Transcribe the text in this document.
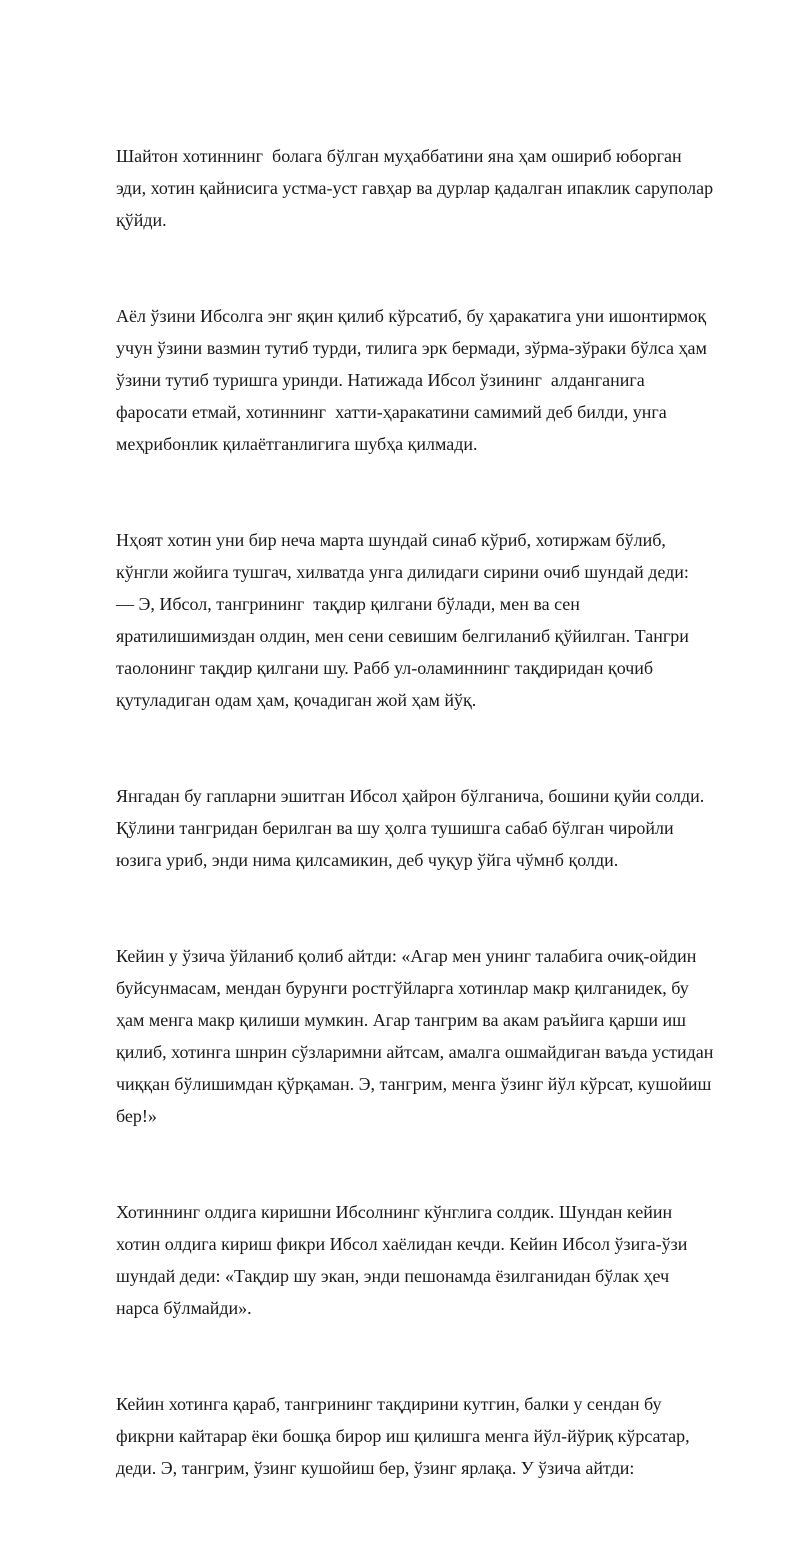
Шайтон хотиннинг  болага бўлган муҳаббатини яна ҳам ошириб юборган
эди, хотин қайнисига устма-уст гавҳар ва дурлар қадалган ипаклик саруполар
қўйди.

Аёл ўзини Ибсолга энг яқин қилиб кўрсатиб, бу ҳаракатига уни ишонтирмоқ
учун ўзини вазмин тутиб турди, тилига эрк бермади, зўрма-зўраки бўлса ҳам
ўзини тутиб туришга уринди. Натижада Ибсол ўзининг  алданганига
фаросати етмай, хотиннинг  хатти-ҳаракатини самимий деб билди, унга
меҳрибонлик қилаётганлигига шубҳа қилмади.

Нҳоят хотин уни бир неча марта шундай синаб кўриб, хотиржам бўлиб,
кўнгли жойига тушгач, хилватда унга дилидаги сирини очиб шундай деди:
— Э, Ибсол, тангрининг  тақдир қилгани бўлади, мен ва сен
яратилишимиздан олдин, мен сени севишим белгиланиб қўйилган. Тангри
таолонинг тақдир қилгани шу. Рабб ул-оламиннинг тақдиридан қочиб
қутуладиган одам ҳам, қочадиган жой ҳам йўқ.

Янгадан бу гапларни эшитган Ибсол ҳайрон бўлганича, бошини қуйи солди.
Қўлини тангридан берилган ва шу ҳолга тушишга сабаб бўлган чиройли
юзига уриб, энди нима қилсамикин, деб чуқур ўйга чўмнб қолди.

Кейин у ўзича ўйланиб қолиб айтди: «Агар мен унинг талабига очиқ-ойдин
буйсунмасам, мендан бурунги ростгўйларга хотинлар макр қилганидек, бу
ҳам менга макр қилиши мумкин. Агар тангрим ва акам раъйига қарши иш
қилиб, хотинга шнрин сўзларимни айтсам, амалга ошмайдиган ваъда устидан
чиққан бўлишимдан қўрқаман. Э, тангрим, менга ўзинг йўл кўрсат, кушойиш
бер!»

Хотиннинг олдига киришни Ибсолнинг кўнглига солдик. Шундан кейин
хотин олдига кириш фикри Ибсол хаёлидан кечди. Кейин Ибсол ўзига-ўзи
шундай деди: «Тақдир шу экан, энди пешонамда ёзилганидан бўлак ҳеч
нарса бўлмайди».

Кейин хотинга қараб, тангрининг тақдирини кутгин, балки у сендан бу
фикрни кайтарар ёки бошқа бирор иш қилишга менга йўл-йўриқ кўрсатар,
деди. Э, тангрим, ўзинг кушойиш бер, ўзинг ярлақа. У ўзича айтди:
